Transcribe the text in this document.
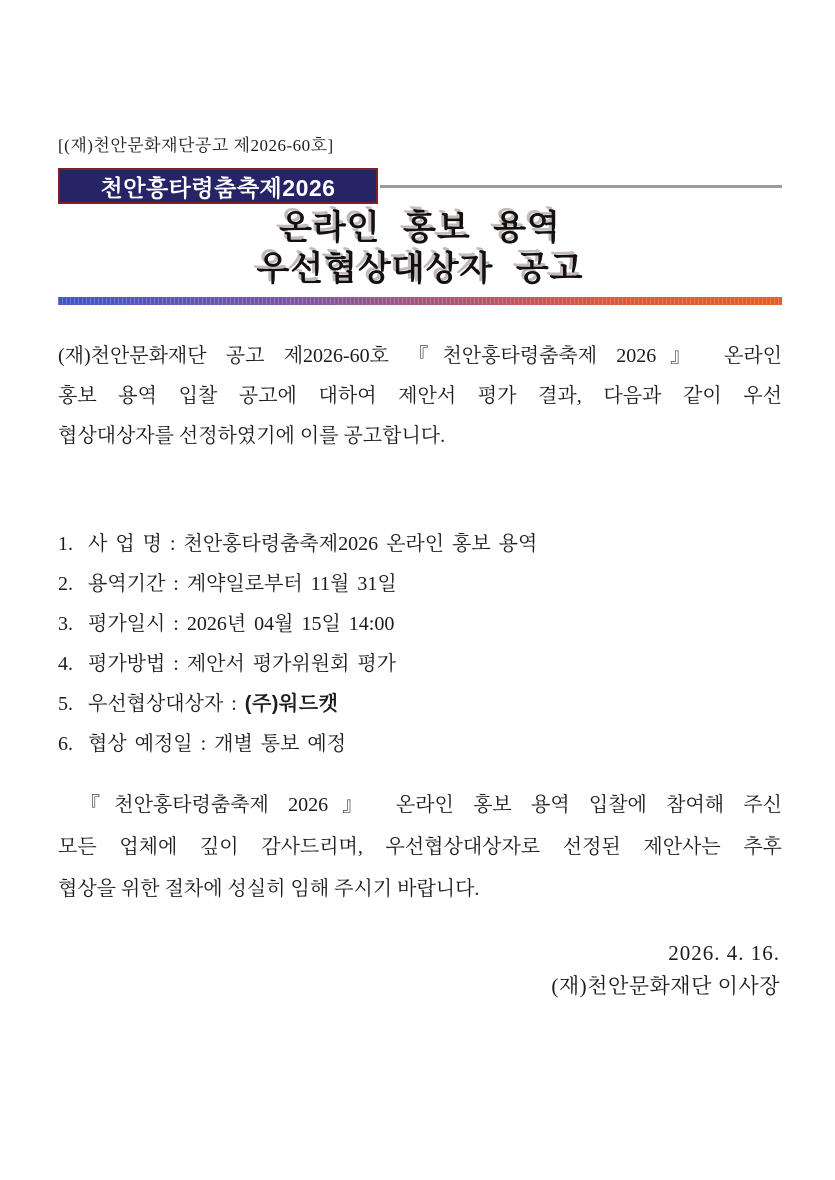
[(재)천안문화재단공고 제2026-60호]
천안흥타령춤축제2026
온라인 홍보 용역
우선협상대상자 공고
(재)천안문화재단 공고 제2026-60호 『천안홍타령춤축제 2026』 온라인
홍보 용역 입찰 공고에 대하여 제안서 평가 결과, 다음과 같이 우선
협상대상자를 선정하였기에 이를 공고합니다.
1. 사 업 명 : 천안홍타령춤축제2026 온라인 홍보 용역
2. 용역기간 : 계약일로부터 11월 31일
3. 평가일시 : 2026년 04월 15일 14:00
4. 평가방법 : 제안서 평가위원회 평가
5. 우선협상대상자 : (주)워드캣
6. 협상 예정일 : 개별 통보 예정
『천안홍타령춤축제 2026』 온라인 홍보 용역 입찰에 참여해 주신
모든 업체에 깊이 감사드리며, 우선협상대상자로 선정된 제안사는 추후
협상을 위한 절차에 성실히 임해 주시기 바랍니다.
2026. 4. 16.
(재)천안문화재단 이사장
